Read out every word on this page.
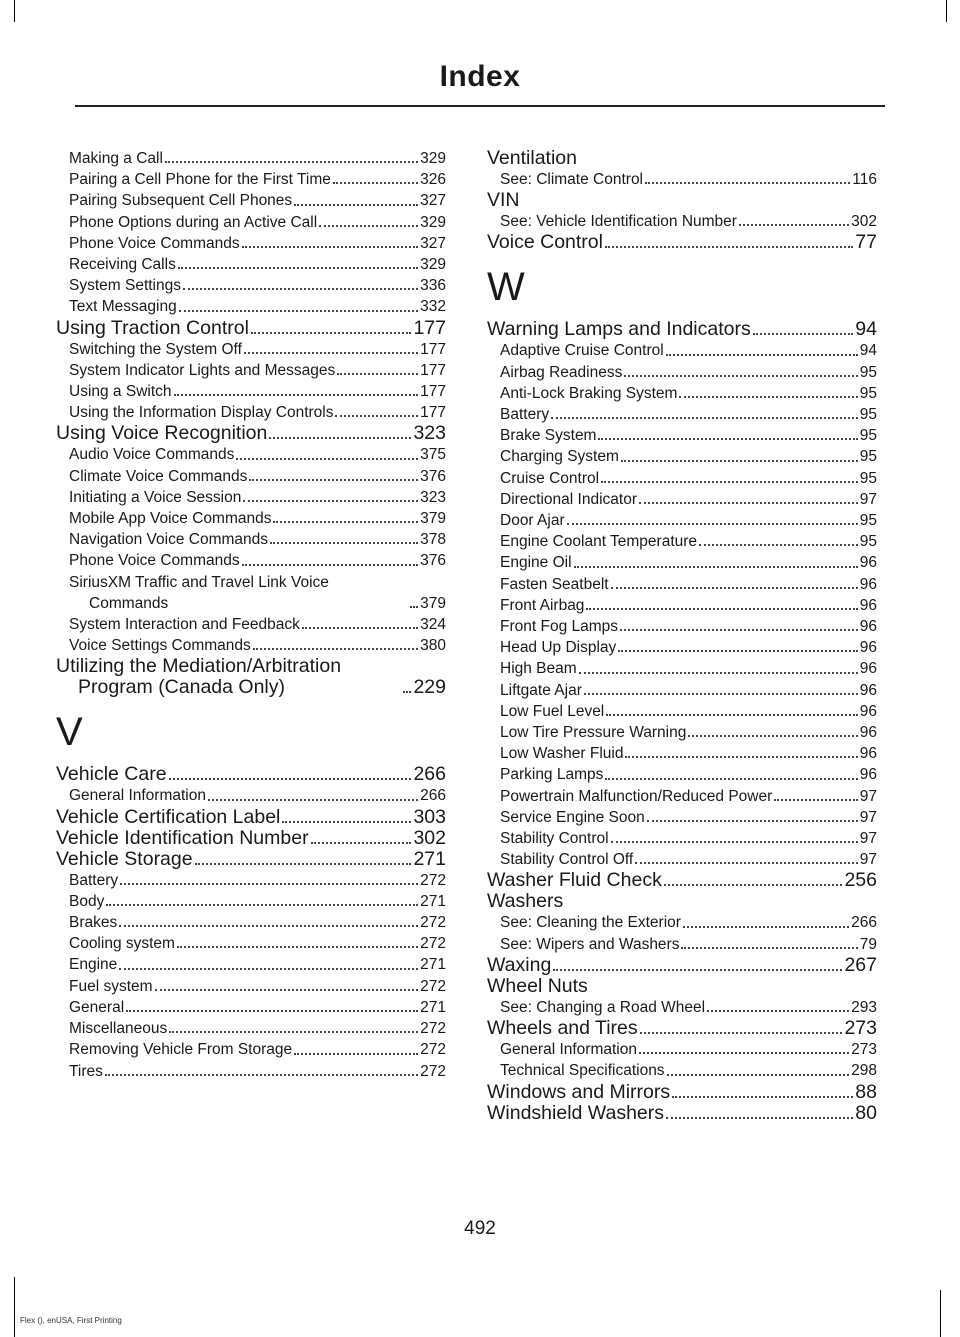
Index
Making a Call	329
Pairing a Cell Phone for the First Time	326
Pairing Subsequent Cell Phones	327
Phone Options during an Active Call	329
Phone Voice Commands	327
Receiving Calls	329
System Settings	336
Text Messaging	332
Using Traction Control	177
Switching the System Off	177
System Indicator Lights and Messages	177
Using a Switch	177
Using the Information Display Controls	177
Using Voice Recognition	323
Audio Voice Commands	375
Climate Voice Commands	376
Initiating a Voice Session	323
Mobile App Voice Commands	379
Navigation Voice Commands	378
Phone Voice Commands	376
SiriusXM Traffic and Travel Link Voice Commands	379
System Interaction and Feedback	324
Voice Settings Commands	380
Utilizing the Mediation/Arbitration Program (Canada Only)	229
V
Vehicle Care	266
General Information	266
Vehicle Certification Label	303
Vehicle Identification Number	302
Vehicle Storage	271
Battery	272
Body	271
Brakes	272
Cooling system	272
Engine	271
Fuel system	272
General	271
Miscellaneous	272
Removing Vehicle From Storage	272
Tires	272
Ventilation
See: Climate Control	116
VIN
See: Vehicle Identification Number	302
Voice Control	77
W
Warning Lamps and Indicators	94
Adaptive Cruise Control	94
Airbag Readiness	95
Anti-Lock Braking System	95
Battery	95
Brake System	95
Charging System	95
Cruise Control	95
Directional Indicator	97
Door Ajar	95
Engine Coolant Temperature	95
Engine Oil	96
Fasten Seatbelt	96
Front Airbag	96
Front Fog Lamps	96
Head Up Display	96
High Beam	96
Liftgate Ajar	96
Low Fuel Level	96
Low Tire Pressure Warning	96
Low Washer Fluid	96
Parking Lamps	96
Powertrain Malfunction/Reduced Power	97
Service Engine Soon	97
Stability Control	97
Stability Control Off	97
Washer Fluid Check	256
Washers
See: Cleaning the Exterior	266
See: Wipers and Washers	79
Waxing	267
Wheel Nuts
See: Changing a Road Wheel	293
Wheels and Tires	273
General Information	273
Technical Specifications	298
Windows and Mirrors	88
Windshield Washers	80
492
Flex (), enUSA, First Printing
